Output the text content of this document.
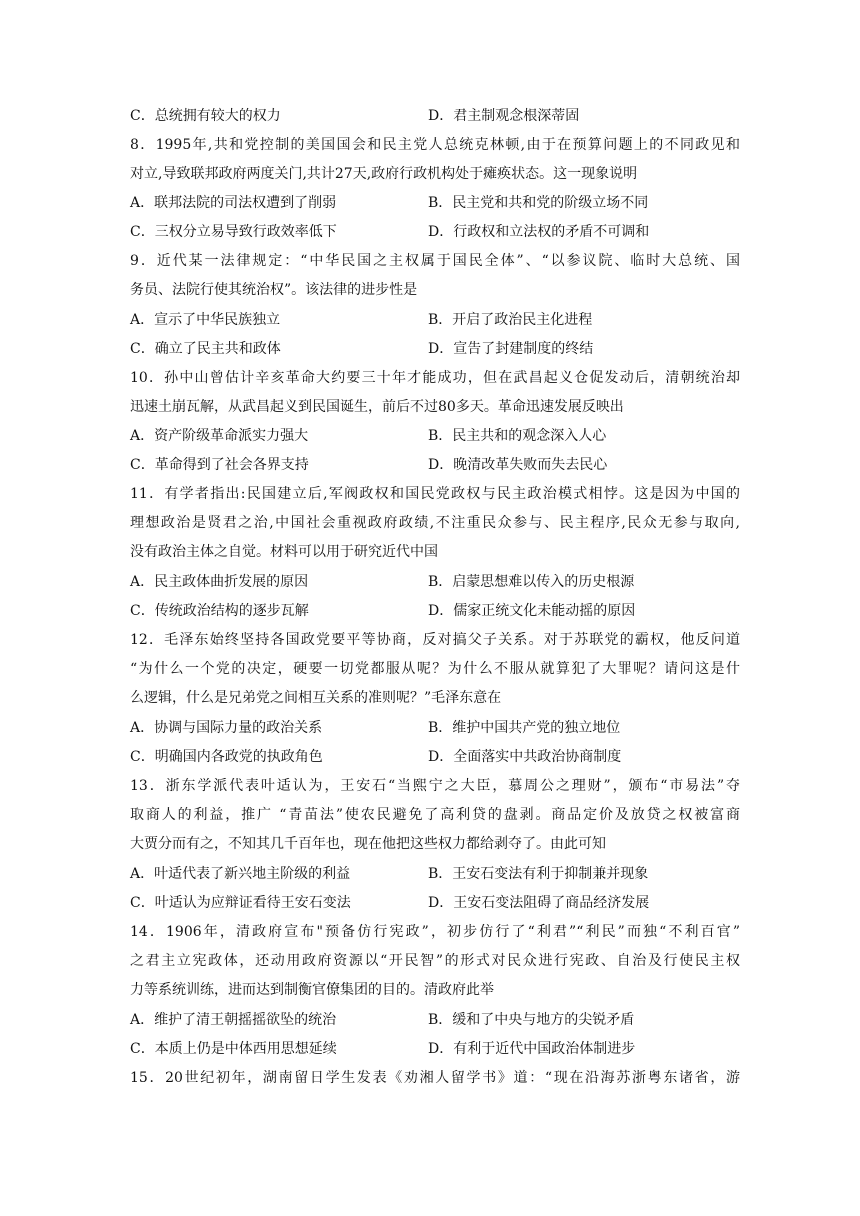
C．总统拥有较大的权力	D．君主制观念根深蒂固
8．1995年,共和党控制的美国国会和民主党人总统克林顿,由于在预算问题上的不同政见和
对立,导致联邦政府两度关门,共计27天,政府行政机构处于瘫痪状态。这一现象说明
A．联邦法院的司法权遭到了削弱	B．民主党和共和党的阶级立场不同
C．三权分立易导致行政效率低下	D．行政权和立法权的矛盾不可调和
9．近代某一法律规定：“中华民国之主权属于国民全体”、“以参议院、临时大总统、国
务员、法院行使其统治权”。该法律的进步性是
A．宣示了中华民族独立	B．开启了政治民主化进程
C．确立了民主共和政体	D．宣告了封建制度的终结
10．孙中山曾估计辛亥革命大约要三十年才能成功，但在武昌起义仓促发动后，清朝统治却
迅速土崩瓦解，从武昌起义到民国诞生，前后不过80多天。革命迅速发展反映出
A．资产阶级革命派实力强大	B．民主共和的观念深入人心
C．革命得到了社会各界支持	D．晚清改革失败而失去民心
11．有学者指出:民国建立后,军阀政权和国民党政权与民主政治模式相悖。这是因为中国的
理想政治是贤君之治,中国社会重视政府政绩,不注重民众参与、民主程序,民众无参与取向,
没有政治主体之自觉。材料可以用于研究近代中国
A．民主政体曲折发展的原因	B．启蒙思想难以传入的历史根源
C．传统政治结构的逐步瓦解	D．儒家正统文化未能动摇的原因
12．毛泽东始终坚持各国政党要平等协商，反对搞父子关系。对于苏联党的霸权，他反问道
“为什么一个党的决定，硬要一切党都服从呢？为什么不服从就算犯了大罪呢？请问这是什
么逻辑，什么是兄弟党之间相互关系的准则呢？”毛泽东意在
A．协调与国际力量的政治关系	B．维护中国共产党的独立地位
C．明确国内各政党的执政角色	D．全面落实中共政治协商制度
13．浙东学派代表叶适认为，王安石“当熙宁之大臣，慕周公之理财”，颁布“市易法”夺
取商人的利益，推广 “青苗法”使农民避免了高利贷的盘剥。商品定价及放贷之权被富商
大贾分而有之，不知其几千百年也，现在他把这些权力都给剥夺了。由此可知
A．叶适代表了新兴地主阶级的利益	B．王安石变法有利于抑制兼并现象
C．叶适认为应辩证看待王安石变法	D．王安石变法阻碍了商品经济发展
14．1906年，清政府宣布"预备仿行宪政”，初步仿行了“利君”“利民”而独“不利百官”
之君主立宪政体，还动用政府资源以“开民智”的形式对民众进行宪政、自治及行使民主权
力等系统训练，进而达到制衡官僚集团的目的。清政府此举
A．维护了清王朝摇摇欲坠的统治	B．缓和了中央与地方的尖锐矛盾
C．本质上仍是中体西用思想延续	D．有利于近代中国政治体制进步
15．20世纪初年，湖南留日学生发表《劝湘人留学书》道：“现在沿海苏浙粤东诸省，游
